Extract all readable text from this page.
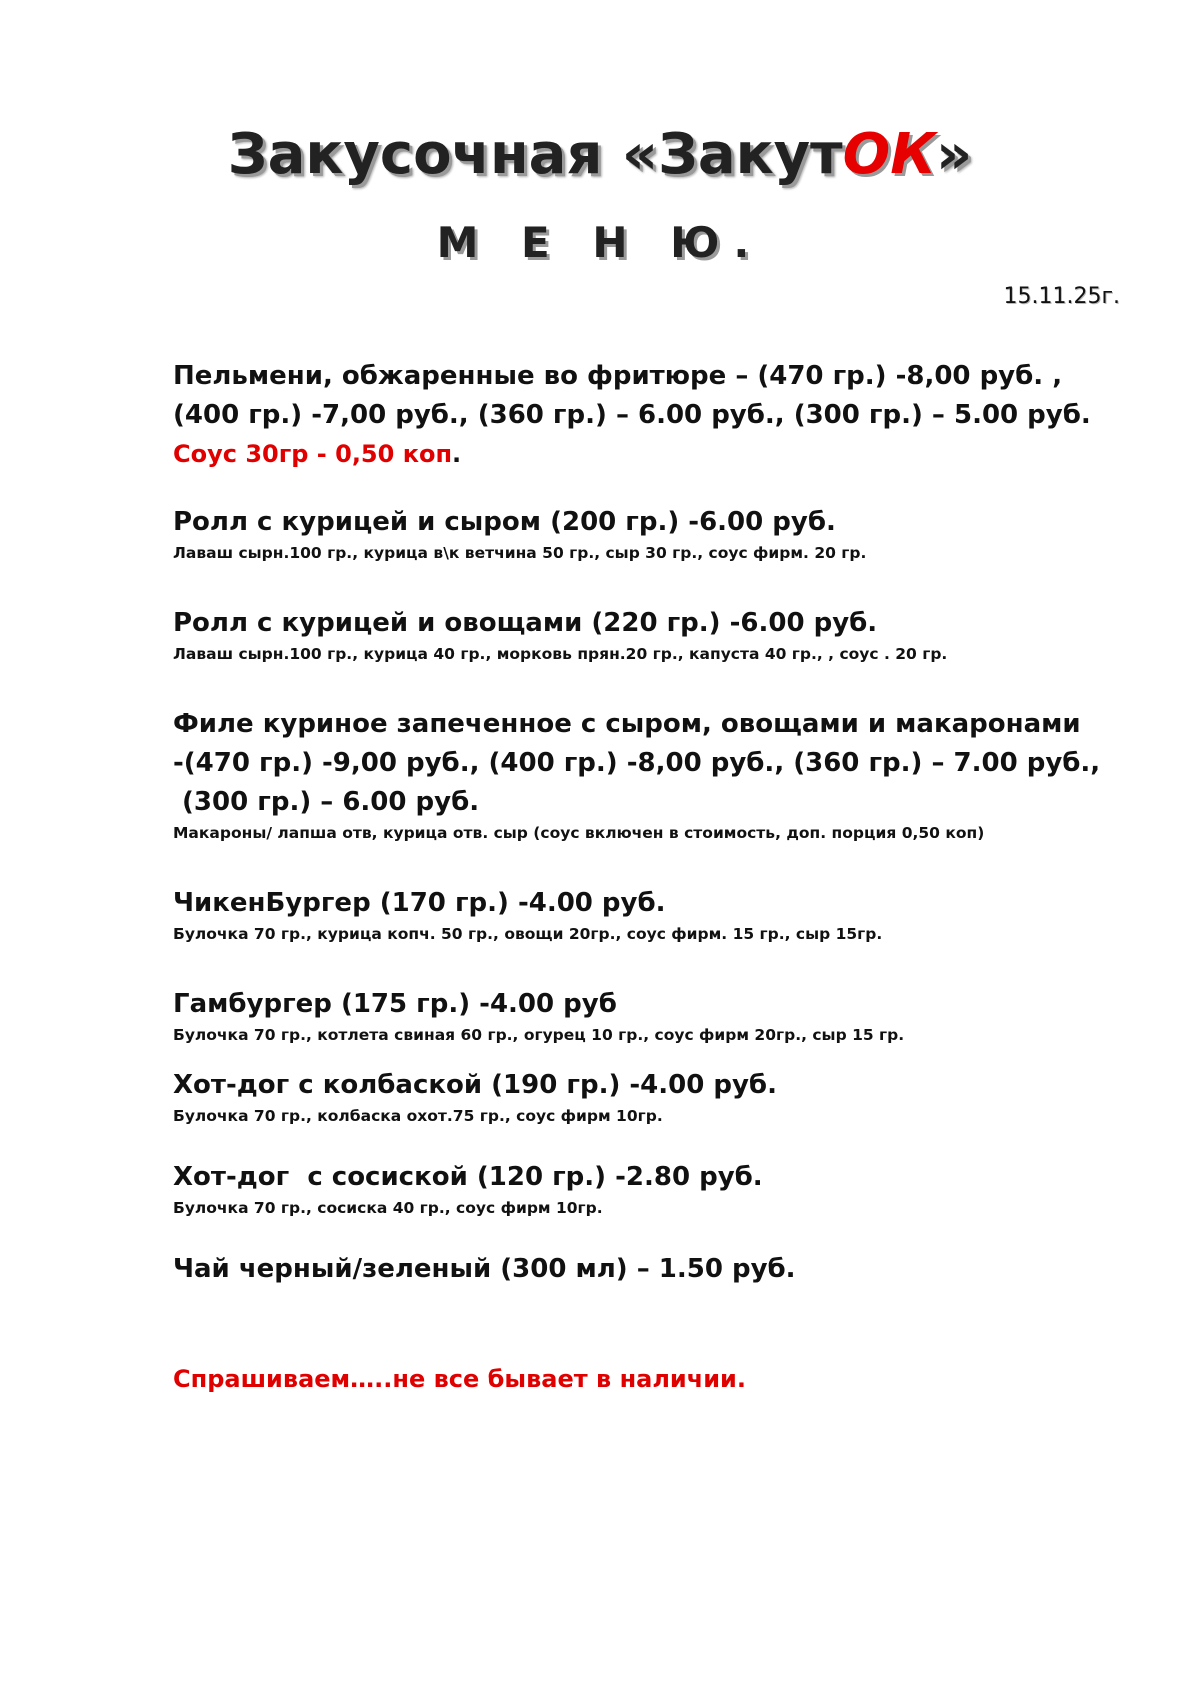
Закусочная «ЗакутОК»
М Е Н Ю.
15.11.25г.
Пельмени, обжаренные во фритюре – (470 гр.) -8,00 руб. ,
(400 гр.) -7,00 руб., (360 гр.) – 6.00 руб., (300 гр.) – 5.00 руб.
Соус 30гр - 0,50 коп.
Ролл с курицей и сыром (200 гр.) -6.00 руб.
Лаваш сырн.100 гр., курица в\к ветчина 50 гр., сыр 30 гр., соус фирм. 20 гр.
Ролл с курицей и овощами (220 гр.) -6.00 руб.
Лаваш сырн.100 гр., курица 40 гр., морковь прян.20 гр., капуста 40 гр., , соус . 20 гр.
Филе куриное запеченное с сыром, овощами и макаронами
-(470 гр.) -9,00 руб., (400 гр.) -8,00 руб., (360 гр.) – 7.00 руб.,
(300 гр.) – 6.00 руб.
Макароны/ лапша отв, курица отв. сыр (соус включен в стоимость, доп. порция 0,50 коп)
ЧикенБургер (170 гр.) -4.00 руб.
Булочка 70 гр., курица копч. 50 гр., овощи 20гр., соус фирм. 15 гр., сыр 15гр.
Гамбургер (175 гр.) -4.00 руб
Булочка 70 гр., котлета свиная 60 гр., огурец 10 гр., соус фирм 20гр., сыр 15 гр.
Хот-дог с колбаской (190 гр.) -4.00 руб.
Булочка 70 гр., колбаска охот.75 гр., соус фирм 10гр.
Хот-дог  с сосиской (120 гр.) -2.80 руб.
Булочка 70 гр., сосиска 40 гр., соус фирм 10гр.
Чай черный/зеленый (300 мл) – 1.50 руб.
Спрашиваем…..не все бывает в наличии.
